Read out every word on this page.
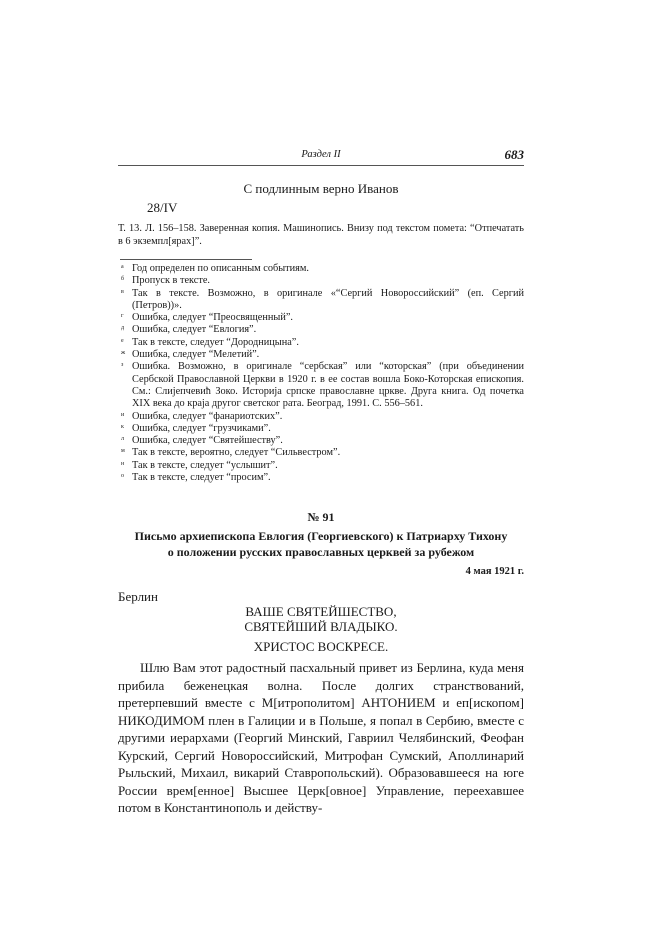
Раздел II	683
С подлинным верно Иванов
28/IV
Т. 13. Л. 156–158. Заверенная копия. Машинопись. Внизу под текстом помета: “Отпечатать в 6 экземпл[ярах]”.
а Год определен по описанным событиям.
б Пропуск в тексте.
в Так в тексте. Возможно, в оригинале «“Сергий Новороссийский” (еп. Сергий (Петров))».
г Ошибка, следует “Преосвященный”.
д Ошибка, следует “Евлогия”.
е Так в тексте, следует “Дородницына”.
ж Ошибка, следует “Мелетий”.
з Ошибка. Возможно, в оригинале “сербская” или “которская” (при объединении Сербской Православной Церкви в 1920 г. в ее состав вошла Боко-Которская епископия. См.: Слијепчевић Зоко. Историја српске православне цркве. Друга книга. Од почетка XIX века до краја другог светског рата. Београд, 1991. С. 556–561.
и Ошибка, следует “фанариотских”.
к Ошибка, следует “грузчиками”.
л Ошибка, следует “Святейшеству”.
м Так в тексте, вероятно, следует “Сильвестром”.
н Так в тексте, следует “услышит”.
о Так в тексте, следует “просим”.
№ 91
Письмо архиепископа Евлогия (Георгиевского) к Патриарху Тихону
о положении русских православных церквей за рубежом
4 мая 1921 г.
Берлин
ВАШЕ СВЯТЕЙШЕСТВО,
СВЯТЕЙШИЙ ВЛАДЫКО.
ХРИСТОС ВОСКРЕСЕ.
Шлю Вам этот радостный пасхальный привет из Берлина, куда меня прибила беженецкая волна. После долгих странствований, претерпевший вместе с М[итрополитом] АНТОНИЕМ и еп[ископом] НИКОДИМОМ плен в Галиции и в Польше, я попал в Сербию, вместе с другими иерархами (Георгий Минский, Гавриил Челябинский, Феофан Курский, Сергий Новороссийский, Митрофан Сумский, Аполлинарий Рыльский, Михаил, викарий Ставропольский). Образовавшееся на юге России врем[енное] Высшее Церк[овное] Управление, переехавшее потом в Константинополь и действу-
